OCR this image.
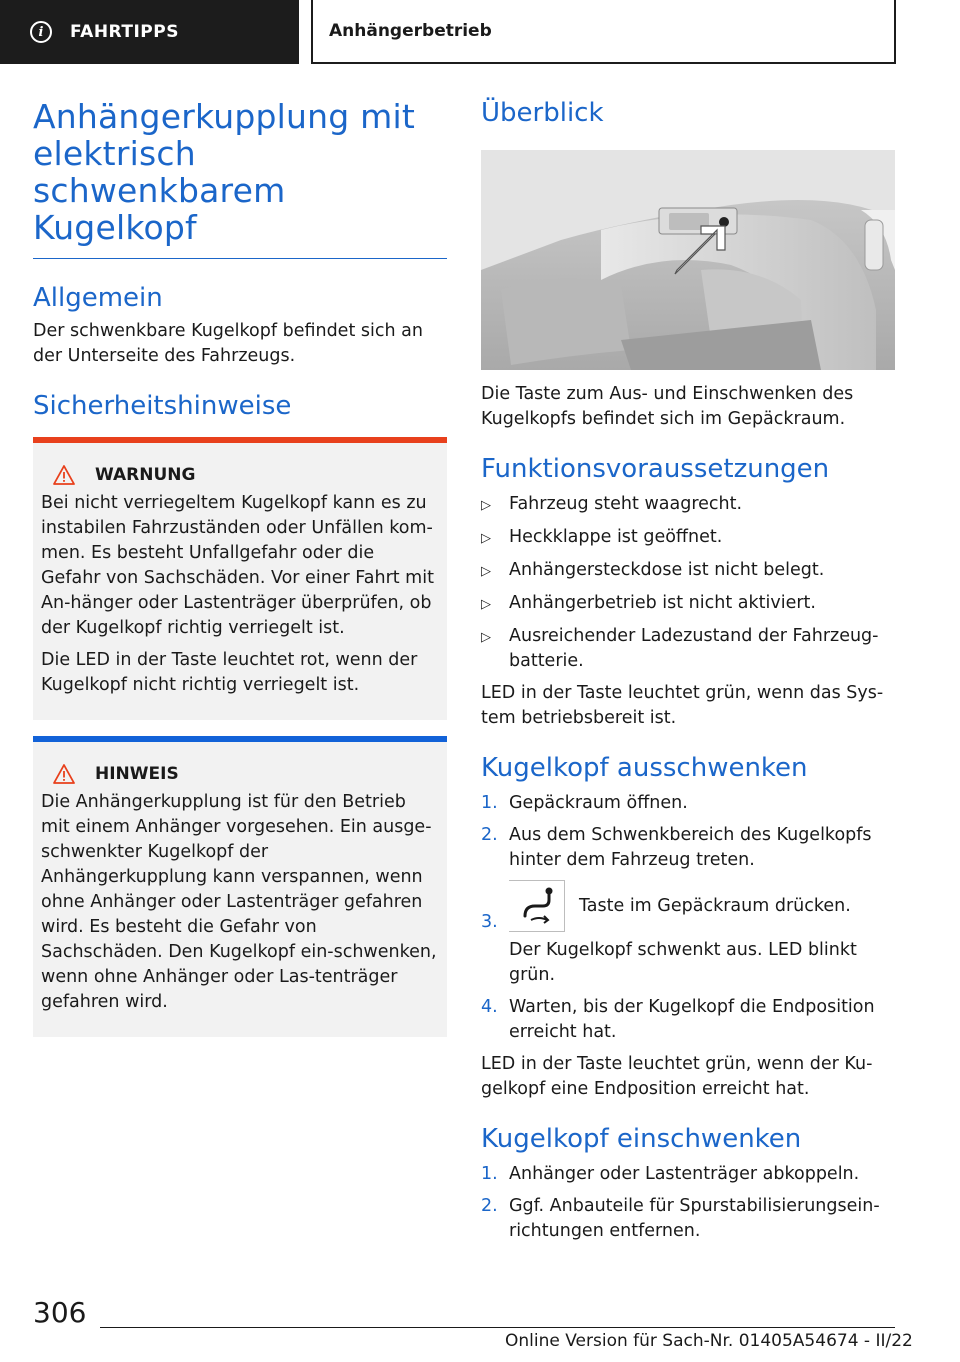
i	FAHRTIPPS	Anhängerbetrieb
Anhängerkupplung mit
elektrisch schwenkbarem
Kugelkopf
Allgemein

Der schwenkbare Kugelkopf befindet sich an der Unterseite des Fahrzeugs.

Sicherheitshinweise
WARNUNG

Bei nicht verriegeltem Kugelkopf kann es zu instabilen Fahrzuständen oder Unfällen kom-men. Es besteht Unfallgefahr oder die Gefahr von Sachschäden. Vor einer Fahrt mit An-hänger oder Lastenträger überprüfen, ob der Kugelkopf richtig verriegelt ist.

Die LED in der Taste leuchtet rot, wenn der Kugelkopf nicht richtig verriegelt ist.

HINWEIS

Die Anhängerkupplung ist für den Betrieb mit einem Anhänger vorgesehen. Ein ausge-schwenkter Kugelkopf der Anhängerkupplung kann verspannen, wenn ohne Anhänger oder Lastenträger gefahren wird. Es besteht die Gefahr von Sachschäden. Den Kugelkopf ein-schwenken, wenn ohne Anhänger oder Las-tenträger gefahren wird.

Überblick

Die Taste zum Aus- und Einschwenken des Kugelkopfs befindet sich im Gepäckraum.

Funktionsvoraussetzungen
▷	Fahrzeug steht waagrecht.
▷	Heckklappe ist geöffnet.
▷	Anhängersteckdose ist nicht belegt.
▷	Anhängerbetrieb ist nicht aktiviert.
▷	Ausreichender Ladezustand der Fahrzeug-batterie.

LED in der Taste leuchtet grün, wenn das Sys-tem betriebsbereit ist.

Kugelkopf ausschwenken
1. Gepäckraum öffnen.
2. Aus dem Schwenkbereich des Kugelkopfs hinter dem Fahrzeug treten.
3.
Taste im Gepäckraum drücken.
Der Kugelkopf schwenkt aus. LED blinkt grün.
4. Warten, bis der Kugelkopf die Endposition erreicht hat.

LED in der Taste leuchtet grün, wenn der Ku-gelkopf eine Endposition erreicht hat.

Kugelkopf einschwenken
1. Anhänger oder Lastenträger abkoppeln.
2. Ggf. Anbauteile für Spurstabilisierungsein-richtungen entfernen.
306
Online Version für Sach-Nr. 01405A54674 - II/22
